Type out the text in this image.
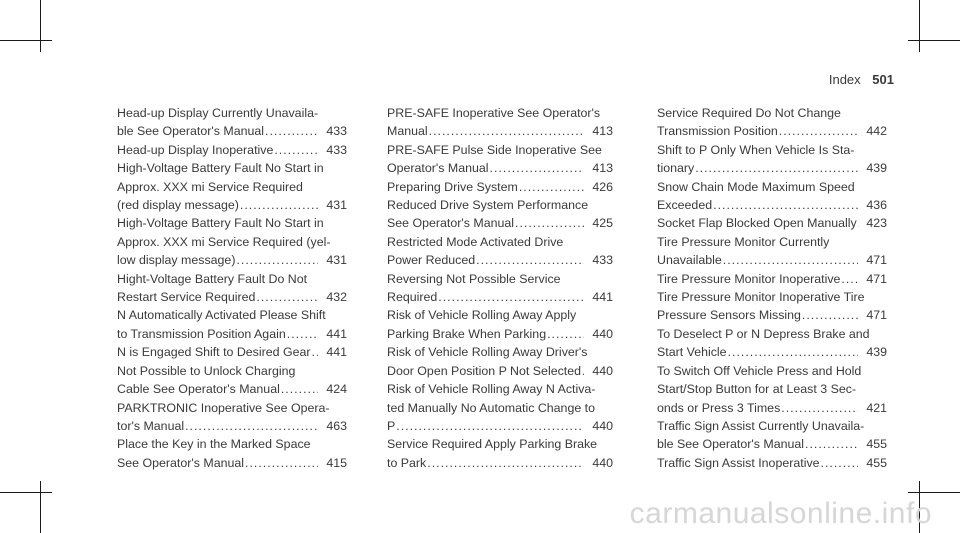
Index 501
Head-up Display Currently Unavaila-
ble See Operator's Manual .....	433
Head-up Display Inoperative .....	433
High-Voltage Battery Fault No Start in
Approx. XXX mi Service Required
(red display message) .....	431
High-Voltage Battery Fault No Start in
Approx. XXX mi Service Required (yel-
low display message) .....	431
Hight-Voltage Battery Fault Do Not
Restart Service Required .....	432
N Automatically Activated Please Shift
to Transmission Position Again .....	441
N is Engaged Shift to Desired Gear .....	441
Not Possible to Unlock Charging
Cable See Operator's Manual .....	424
PARKTRONIC Inoperative See Opera-
tor's Manual .....	463
Place the Key in the Marked Space
See Operator's Manual .....	415
PRE-SAFE Inoperative See Operator's
Manual .....	413
PRE-SAFE Pulse Side Inoperative See
Operator's Manual .....	413
Preparing Drive System .....	426
Reduced Drive System Performance
See Operator's Manual .....	425
Restricted Mode Activated Drive
Power Reduced .....	433
Reversing Not Possible Service
Required .....	441
Risk of Vehicle Rolling Away Apply
Parking Brake When Parking .....	440
Risk of Vehicle Rolling Away Driver's
Door Open Position P Not Selected ..... 440
Risk of Vehicle Rolling Away N Activa-
ted Manually No Automatic Change to
P .....	440
Service Required Apply Parking Brake
to Park .....	440
Service Required Do Not Change
Transmission Position .....	442
Shift to P Only When Vehicle Is Sta-
tionary .....	439
Snow Chain Mode Maximum Speed
Exceeded .....	436
Socket Flap Blocked Open Manually ..... 423
Tire Pressure Monitor Currently
Unavailable .....	471
Tire Pressure Monitor Inoperative .....	471
Tire Pressure Monitor Inoperative Tire
Pressure Sensors Missing .....	471
To Deselect P or N Depress Brake and
Start Vehicle .....	439
To Switch Off Vehicle Press and Hold
Start/Stop Button for at Least 3 Sec-
onds or Press 3 Times .....	421
Traffic Sign Assist Currently Unavaila-
ble See Operator's Manual .....	455
Traffic Sign Assist Inoperative .....	455
carmanualsonline.info
